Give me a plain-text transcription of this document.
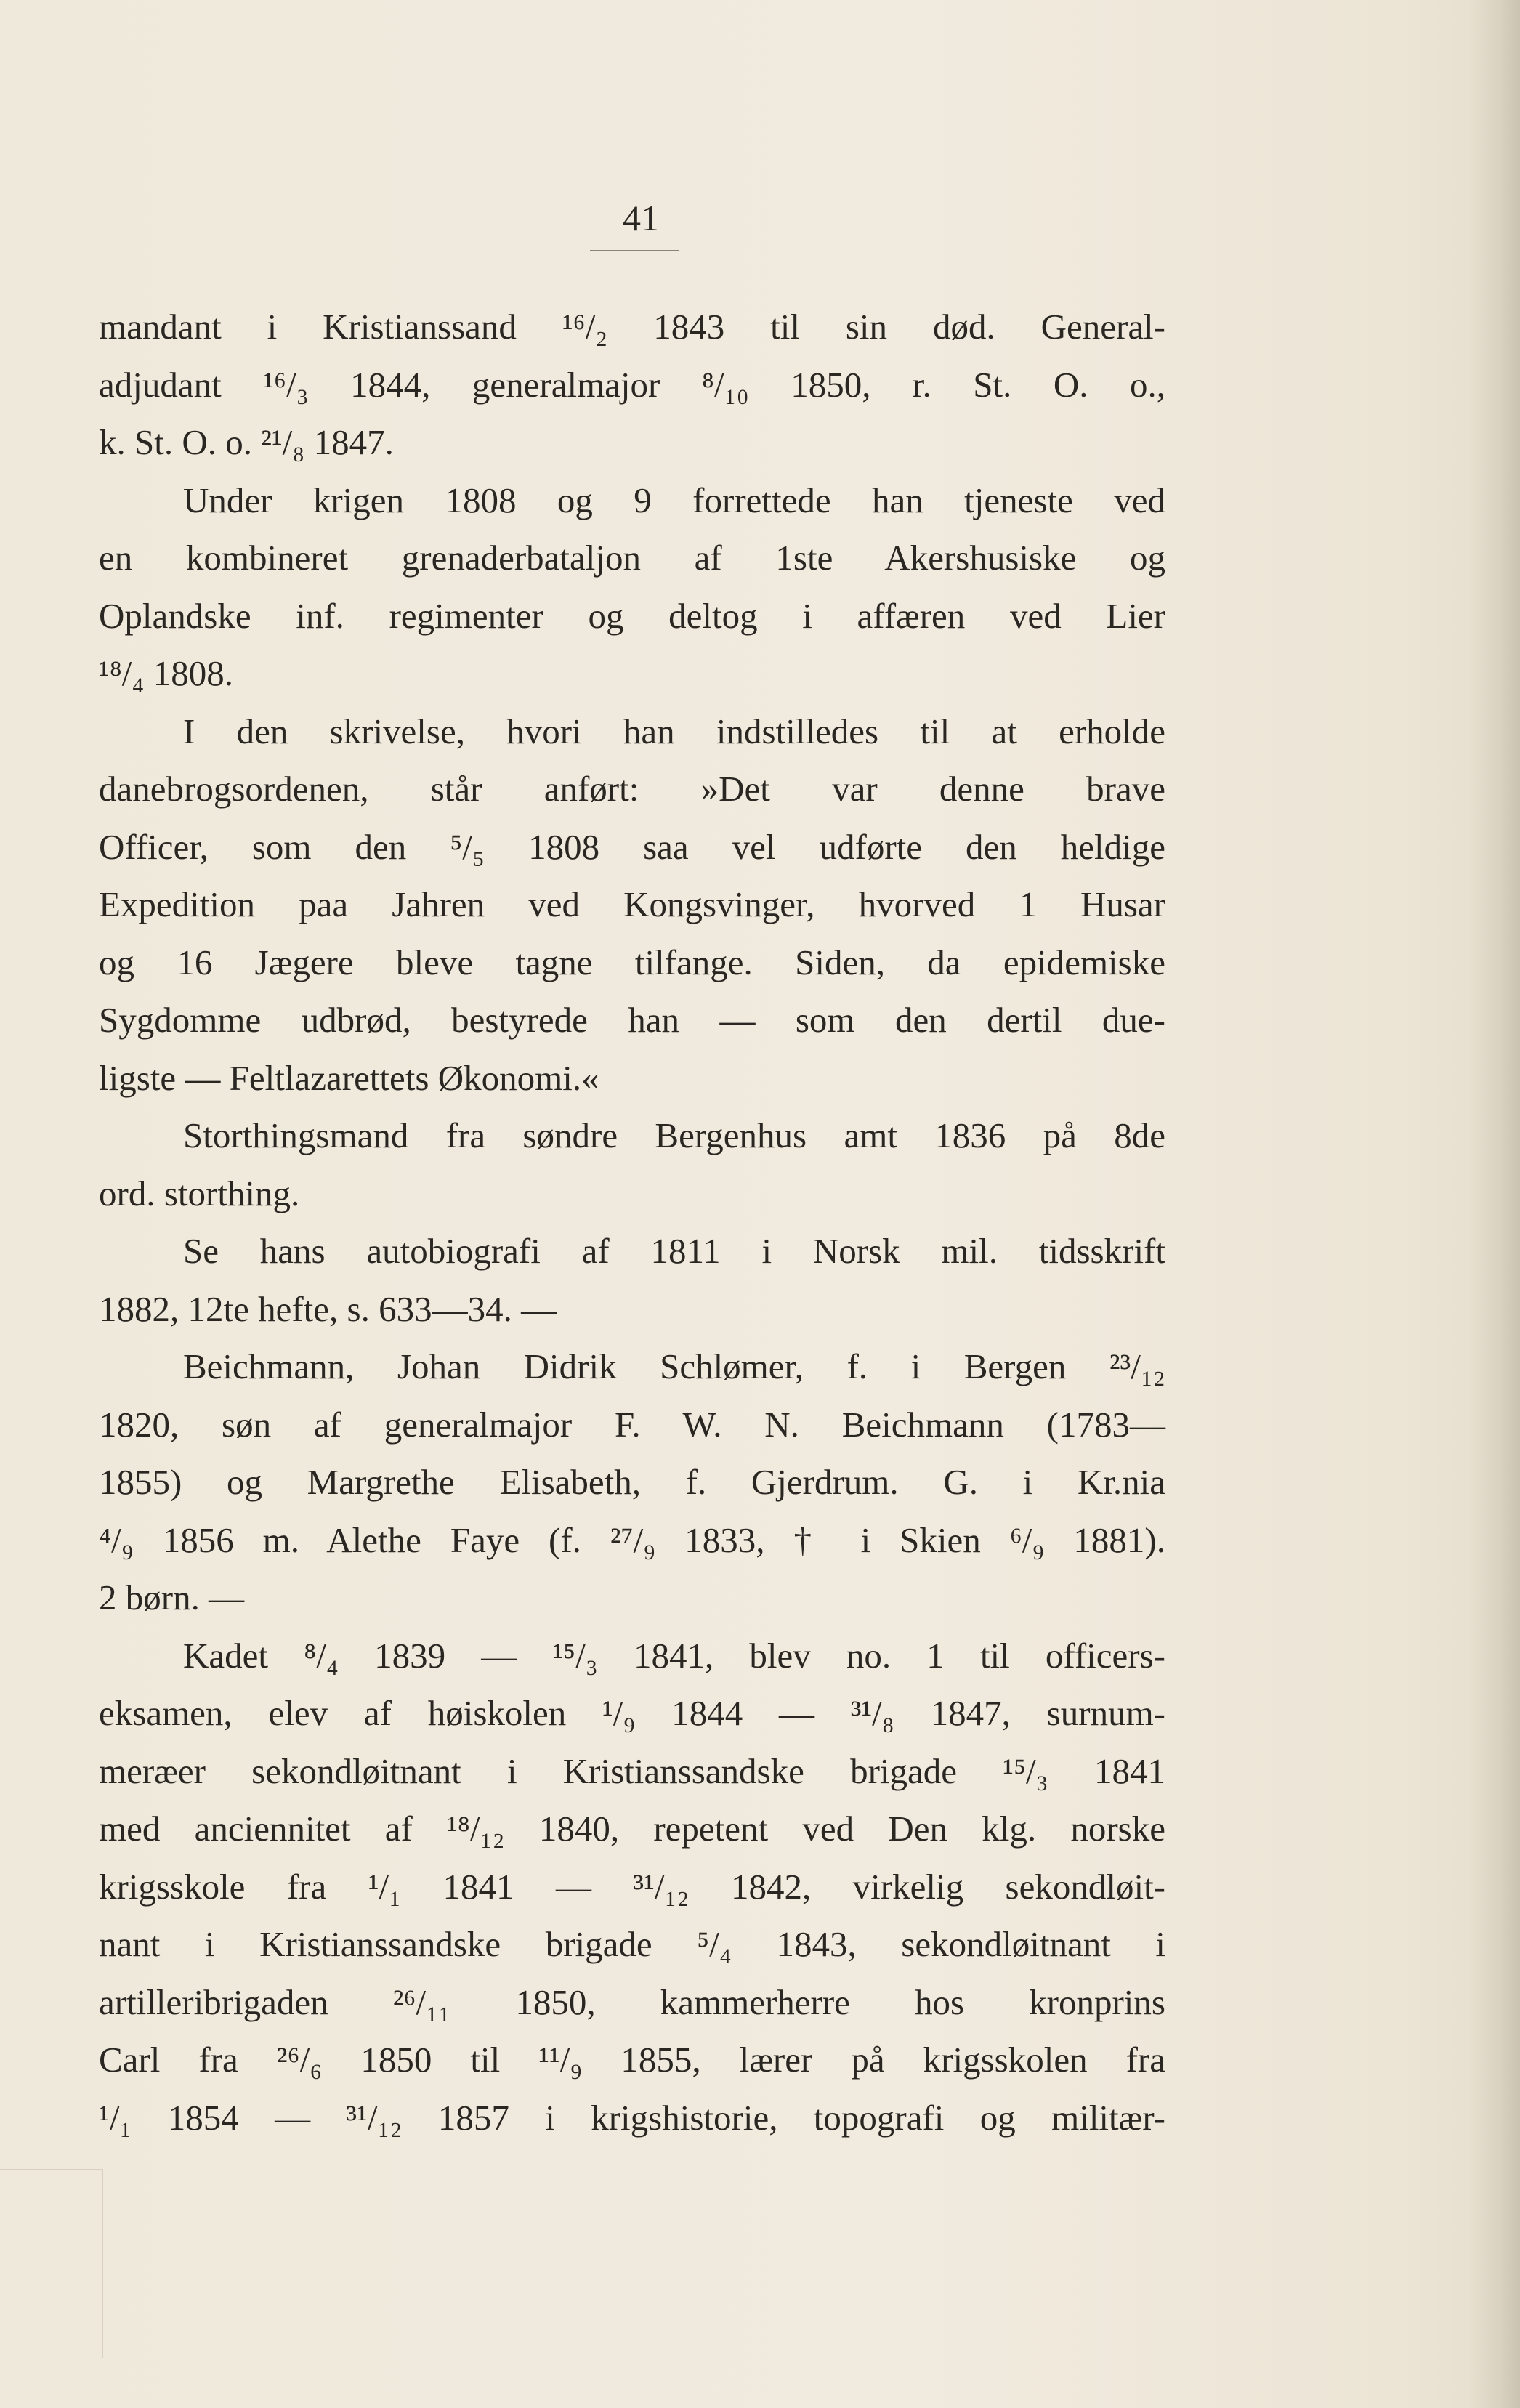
41
mandant i Kristianssand ¹⁶/₂ 1843 til sin død. General-
adjudant ¹⁶/₃ 1844, generalmajor ⁸/₁₀ 1850, r. St. O. o.,
k. St. O. o. ²¹/₈ 1847.
Under krigen 1808 og 9 forrettede han tjeneste ved
en kombineret grenaderbataljon af 1ste Akershusiske og
Oplandske inf. regimenter og deltog i affæren ved Lier
¹⁸/₄ 1808.
I den skrivelse, hvori han indstilledes til at erholde
danebrogsordenen, står anført: »Det var denne brave
Officer, som den ⁵/₅ 1808 saa vel udførte den heldige
Expedition paa Jahren ved Kongsvinger, hvorved 1 Husar
og 16 Jægere bleve tagne tilfange. Siden, da epidemiske
Sygdomme udbrød, bestyrede han — som den dertil due-
ligste — Feltlazarettets Økonomi.«
Storthingsmand fra søndre Bergenhus amt 1836 på 8de
ord. storthing.
Se hans autobiografi af 1811 i Norsk mil. tidsskrift
1882, 12te hefte, s. 633—34. —
Beichmann, Johan Didrik Schlømer, f. i Bergen ²³/₁₂
1820, søn af generalmajor F. W. N. Beichmann (1783—
1855) og Margrethe Elisabeth, f. Gjerdrum. G. i Kr.nia
⁴/₉ 1856 m. Alethe Faye (f. ²⁷/₉ 1833, † i Skien ⁶/₉ 1881).
2 børn. —
Kadet ⁸/₄ 1839 — ¹⁵/₃ 1841, blev no. 1 til officers-
eksamen, elev af høiskolen ¹/₉ 1844 — ³¹/₈ 1847, surnum-
meræer sekondløitnant i Kristianssandske brigade ¹⁵/₃ 1841
med anciennitet af ¹⁸/₁₂ 1840, repetent ved Den klg. norske
krigsskole fra ¹/₁ 1841 — ³¹/₁₂ 1842, virkelig sekondløit-
nant i Kristianssandske brigade ⁵/₄ 1843, sekondløitnant i
artilleribrigaden ²⁶/₁₁ 1850, kammerherre hos kronprins
Carl fra ²⁶/₆ 1850 til ¹¹/₉ 1855, lærer på krigsskolen fra
¹/₁ 1854 — ³¹/₁₂ 1857 i krigshistorie, topografi og militær-
